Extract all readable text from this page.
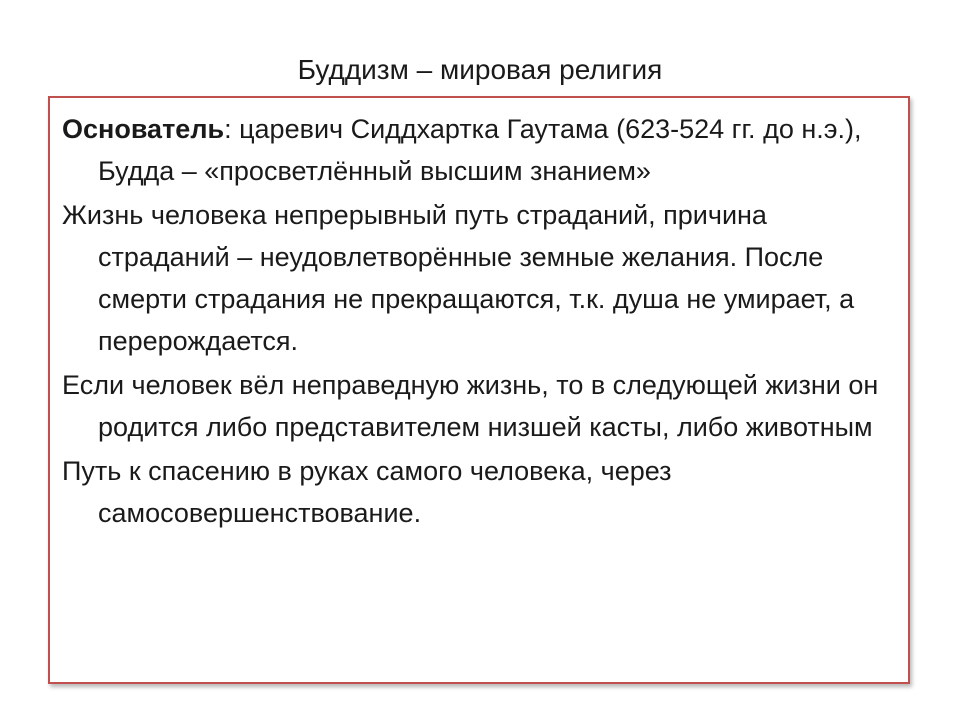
Буддизм – мировая религия
Основатель: царевич Сиддхартка Гаутама (623-524 гг. до н.э.), Будда – «просветлённый высшим знанием»
Жизнь человека непрерывный путь страданий, причина страданий – неудовлетворённые земные желания. После смерти страдания не прекращаются, т.к. душа не умирает, а перерождается.
Если человек вёл неправедную жизнь, то в следующей жизни он родится либо представителем низшей касты, либо животным
Путь к спасению в руках самого человека, через самосовершенствование.
